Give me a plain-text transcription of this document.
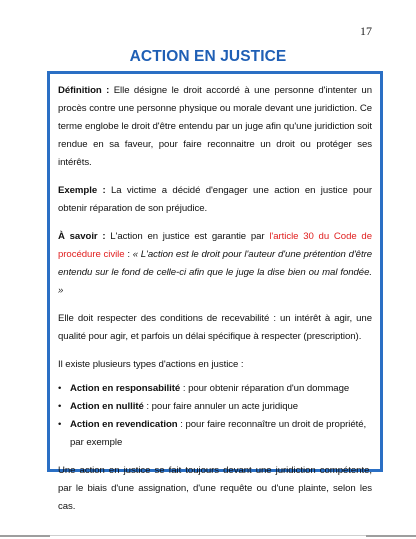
17
ACTION EN JUSTICE

Définition : Elle désigne le droit accordé à une personne d'intenter un procès contre une personne physique ou morale devant une juridiction. Ce terme englobe le droit d'être entendu par un juge afin qu'une juridiction soit rendue en sa faveur, pour faire reconnaitre un droit ou protéger ses intérêts.

Exemple : La victime a décidé d'engager une action en justice pour obtenir réparation de son préjudice.

À savoir : L'action en justice est garantie par l'article 30 du Code de procédure civile : « L'action est le droit pour l'auteur d'une prétention d'être entendu sur le fond de celle-ci afin que le juge la dise bien ou mal fondée. »

Elle doit respecter des conditions de recevabilité : un intérêt à agir, une qualité pour agir, et parfois un délai spécifique à respecter (prescription).

Il existe plusieurs types d'actions en justice :

• Action en responsabilité : pour obtenir réparation d'un dommage
• Action en nullité : pour faire annuler un acte juridique
• Action en revendication : pour faire reconnaître un droit de propriété, par exemple

Une action en justice se fait toujours devant une juridiction compétente, par le biais d'une assignation, d'une requête ou d'une plainte, selon les cas.
